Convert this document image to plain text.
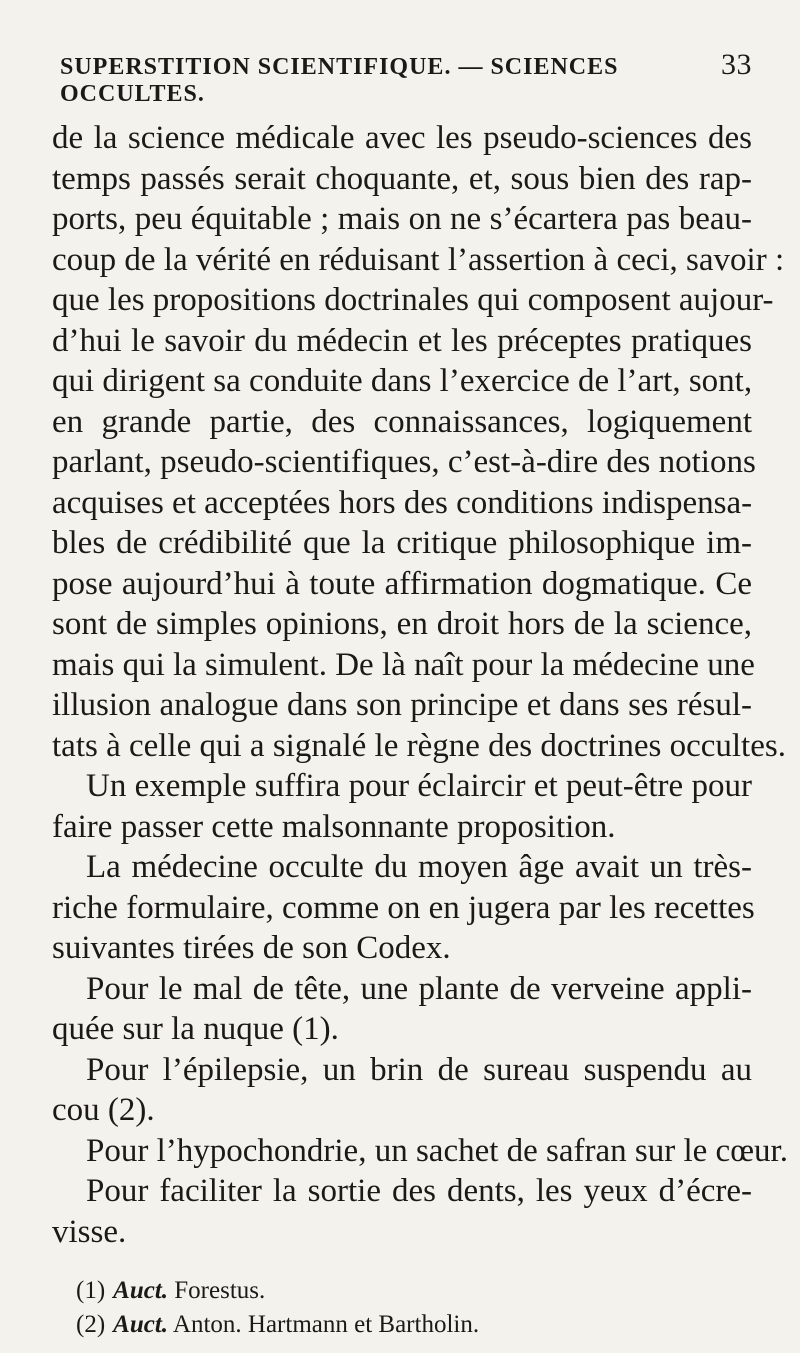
SUPERSTITION SCIENTIFIQUE. — SCIENCES OCCULTES.
33
de la science médicale avec les pseudo-sciences des
temps passés serait choquante, et, sous bien des rap-
ports, peu équitable ; mais on ne s’écartera pas beau-
coup de la vérité en réduisant l’assertion à ceci, savoir :
que les propositions doctrinales qui composent aujour-
d’hui le savoir du médecin et les préceptes pratiques
qui dirigent sa conduite dans l’exercice de l’art, sont,
en grande partie, des connaissances, logiquement
parlant, pseudo-scientifiques, c’est-à-dire des notions
acquises et acceptées hors des conditions indispensa-
bles de crédibilité que la critique philosophique im-
pose aujourd’hui à toute affirmation dogmatique. Ce
sont de simples opinions, en droit hors de la science,
mais qui la simulent. De là naît pour la médecine une
illusion analogue dans son principe et dans ses résul-
tats à celle qui a signalé le règne des doctrines occultes.
Un exemple suffira pour éclaircir et peut-être pour
faire passer cette malsonnante proposition.
La médecine occulte du moyen âge avait un très-
riche formulaire, comme on en jugera par les recettes
suivantes tirées de son Codex.
Pour le mal de tête, une plante de verveine appli-
quée sur la nuque (1).
Pour l’épilepsie, un brin de sureau suspendu au
cou (2).
Pour l’hypochondrie, un sachet de safran sur le cœur.
Pour faciliter la sortie des dents, les yeux d’écre-
visse.
(1) Auct. Forestus.
(2) Auct. Anton. Hartmann et Bartholin.
